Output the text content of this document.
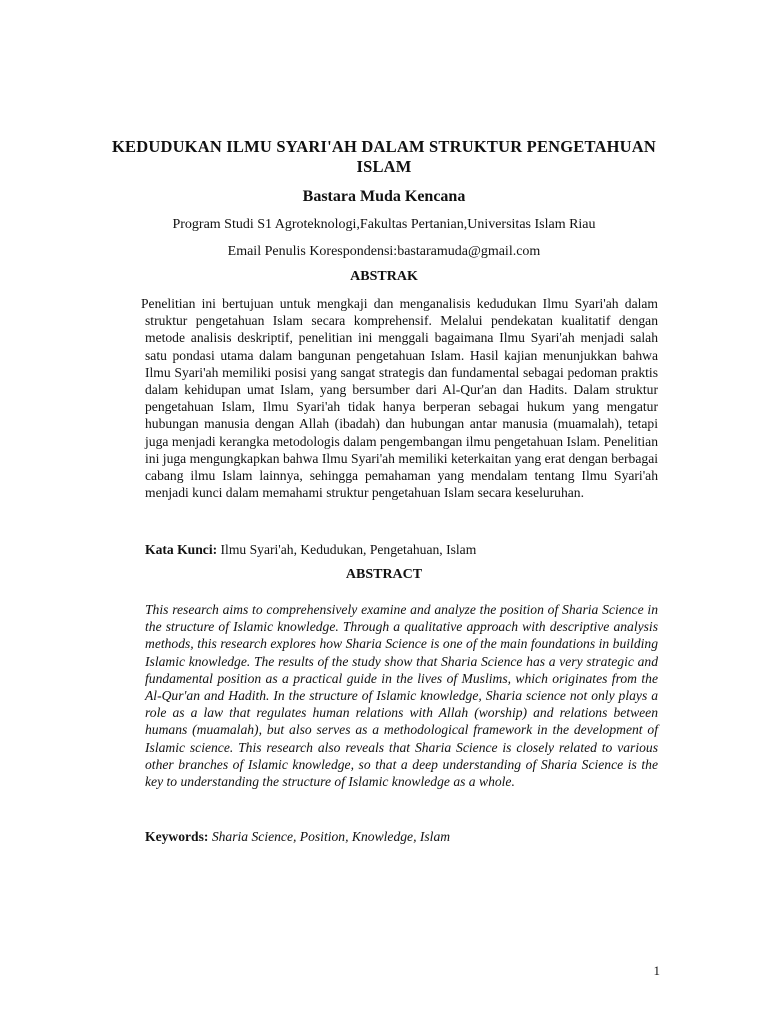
KEDUDUKAN ILMU SYARI'AH DALAM STRUKTUR PENGETAHUAN ISLAM
Bastara Muda Kencana
Program Studi S1 Agroteknologi,Fakultas Pertanian,Universitas Islam Riau
Email Penulis Korespondensi:bastaramuda@gmail.com
ABSTRAK
Penelitian ini bertujuan untuk mengkaji dan menganalisis kedudukan Ilmu Syari'ah dalam struktur pengetahuan Islam secara komprehensif. Melalui pendekatan kualitatif dengan metode analisis deskriptif, penelitian ini menggali bagaimana Ilmu Syari'ah menjadi salah satu pondasi utama dalam bangunan pengetahuan Islam. Hasil kajian menunjukkan bahwa Ilmu Syari'ah memiliki posisi yang sangat strategis dan fundamental sebagai pedoman praktis dalam kehidupan umat Islam, yang bersumber dari Al-Qur'an dan Hadits. Dalam struktur pengetahuan Islam, Ilmu Syari'ah tidak hanya berperan sebagai hukum yang mengatur hubungan manusia dengan Allah (ibadah) dan hubungan antar manusia (muamalah), tetapi juga menjadi kerangka metodologis dalam pengembangan ilmu pengetahuan Islam. Penelitian ini juga mengungkapkan bahwa Ilmu Syari'ah memiliki keterkaitan yang erat dengan berbagai cabang ilmu Islam lainnya, sehingga pemahaman yang mendalam tentang Ilmu Syari'ah menjadi kunci dalam memahami struktur pengetahuan Islam secara keseluruhan.
Kata Kunci: Ilmu Syari'ah, Kedudukan, Pengetahuan, Islam
ABSTRACT
This research aims to comprehensively examine and analyze the position of Sharia Science in the structure of Islamic knowledge. Through a qualitative approach with descriptive analysis methods, this research explores how Sharia Science is one of the main foundations in building Islamic knowledge. The results of the study show that Sharia Science has a very strategic and fundamental position as a practical guide in the lives of Muslims, which originates from the Al-Qur'an and Hadith. In the structure of Islamic knowledge, Sharia science not only plays a role as a law that regulates human relations with Allah (worship) and relations between humans (muamalah), but also serves as a methodological framework in the development of Islamic science. This research also reveals that Sharia Science is closely related to various other branches of Islamic knowledge, so that a deep understanding of Sharia Science is the key to understanding the structure of Islamic knowledge as a whole.
Keywords: Sharia Science, Position, Knowledge, Islam
1
